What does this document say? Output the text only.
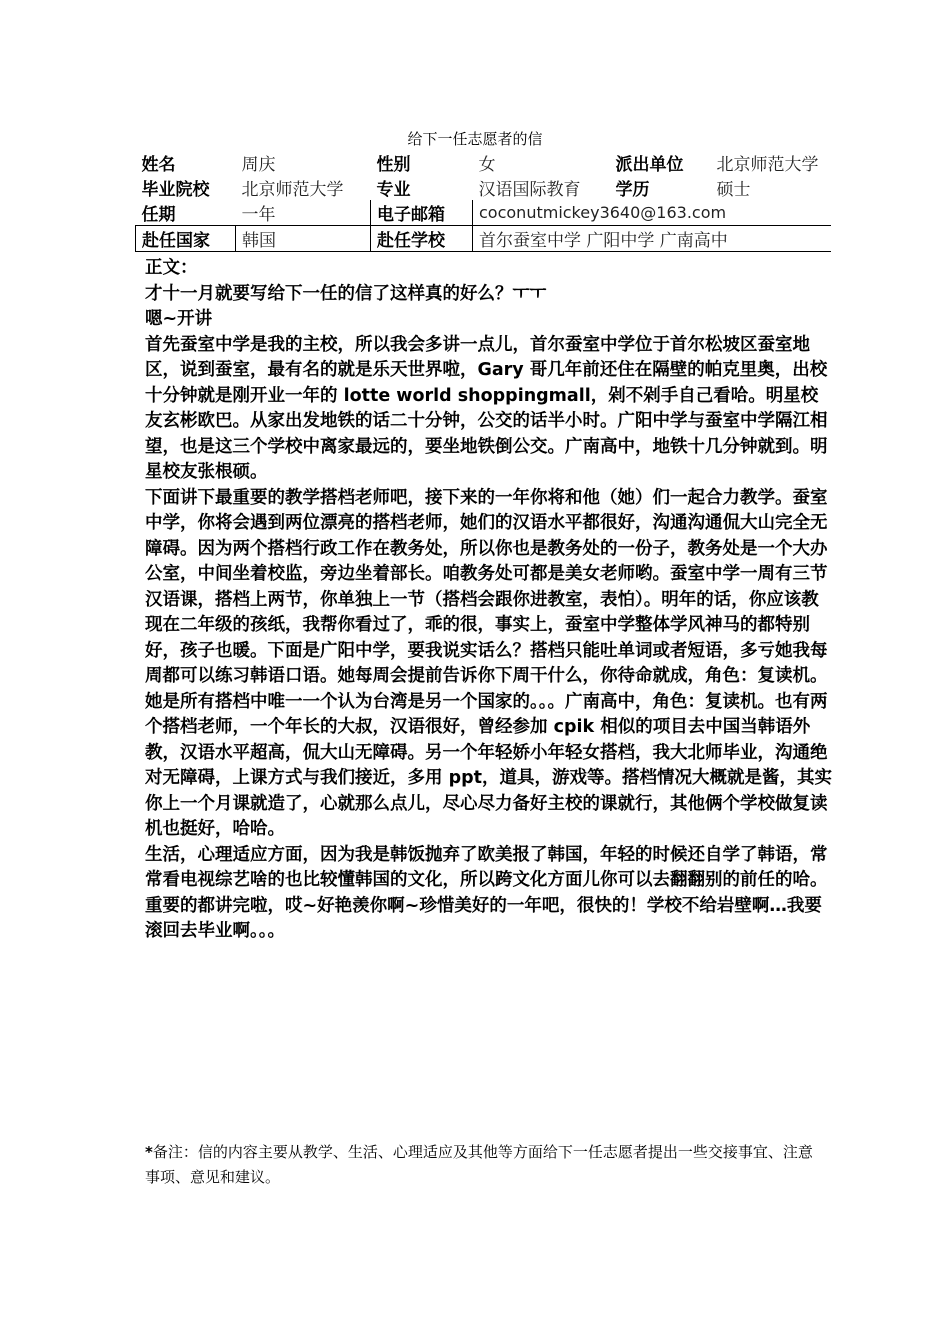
给下一任志愿者的信
姓名	周庆	性别	女	派出单位	北京师范大学
毕业院校	北京师范大学	专业	汉语国际教育	学历	硕士
任期	一年	电子邮箱	coconutmickey3640@163.com		
赴任国家	韩国	赴任学校	首尔蚕室中学 广阳中学 广南高中		

正文：

才十一月就要写给下一任的信了这样真的好么？ㅜㅜ

嗯~开讲

首先蚕室中学是我的主校，所以我会多讲一点儿，首尔蚕室中学位于首尔松坡区蚕室地区，说到蚕室，最有名的就是乐天世界啦，Gary 哥几年前还住在隔壁的帕克里奥，出校十分钟就是刚开业一年的 lotte world shoppingmall，剁不剁手自己看哈。明星校友玄彬欧巴。从家出发地铁的话二十分钟，公交的话半小时。广阳中学与蚕室中学隔江相望，也是这三个学校中离家最远的，要坐地铁倒公交。广南高中，地铁十几分钟就到。明星校友张根硕。

下面讲下最重要的教学搭档老师吧，接下来的一年你将和他（她）们一起合力教学。蚕室中学，你将会遇到两位漂亮的搭档老师，她们的汉语水平都很好，沟通沟通侃大山完全无障碍。因为两个搭档行政工作在教务处，所以你也是教务处的一份子，教务处是一个大办公室，中间坐着校监，旁边坐着部长。咱教务处可都是美女老师哟。蚕室中学一周有三节汉语课，搭档上两节，你单独上一节（搭档会跟你进教室，表怕）。明年的话，你应该教现在二年级的孩纸，我帮你看过了，乖的很，事实上，蚕室中学整体学风神马的都特别好，孩子也暖。下面是广阳中学，要我说实话么？搭档只能吐单词或者短语，多亏她我每周都可以练习韩语口语。她每周会提前告诉你下周干什么，你待命就成，角色：复读机。她是所有搭档中唯一一个认为台湾是另一个国家的。。。广南高中，角色：复读机。也有两个搭档老师，一个年长的大叔，汉语很好，曾经参加 cpik 相似的项目去中国当韩语外教，汉语水平超高，侃大山无障碍。另一个年轻娇小年轻女搭档，我大北师毕业，沟通绝对无障碍，上课方式与我们接近，多用 ppt，道具，游戏等。搭档情况大概就是酱，其实你上一个月课就造了，心就那么点儿，尽心尽力备好主校的课就行，其他俩个学校做复读机也挺好，哈哈。

生活，心理适应方面，因为我是韩饭抛弃了欧美报了韩国，年轻的时候还自学了韩语，常常看电视综艺啥的也比较懂韩国的文化，所以跨文化方面儿你可以去翻翻别的前任的哈。

重要的都讲完啦，哎~好艳羡你啊~珍惜美好的一年吧，很快的！学校不给岩壁啊…我要滚回去毕业啊。。。

*备注：信的内容主要从教学、生活、心理适应及其他等方面给下一任志愿者提出一些交接事宜、注意事项、意见和建议。
